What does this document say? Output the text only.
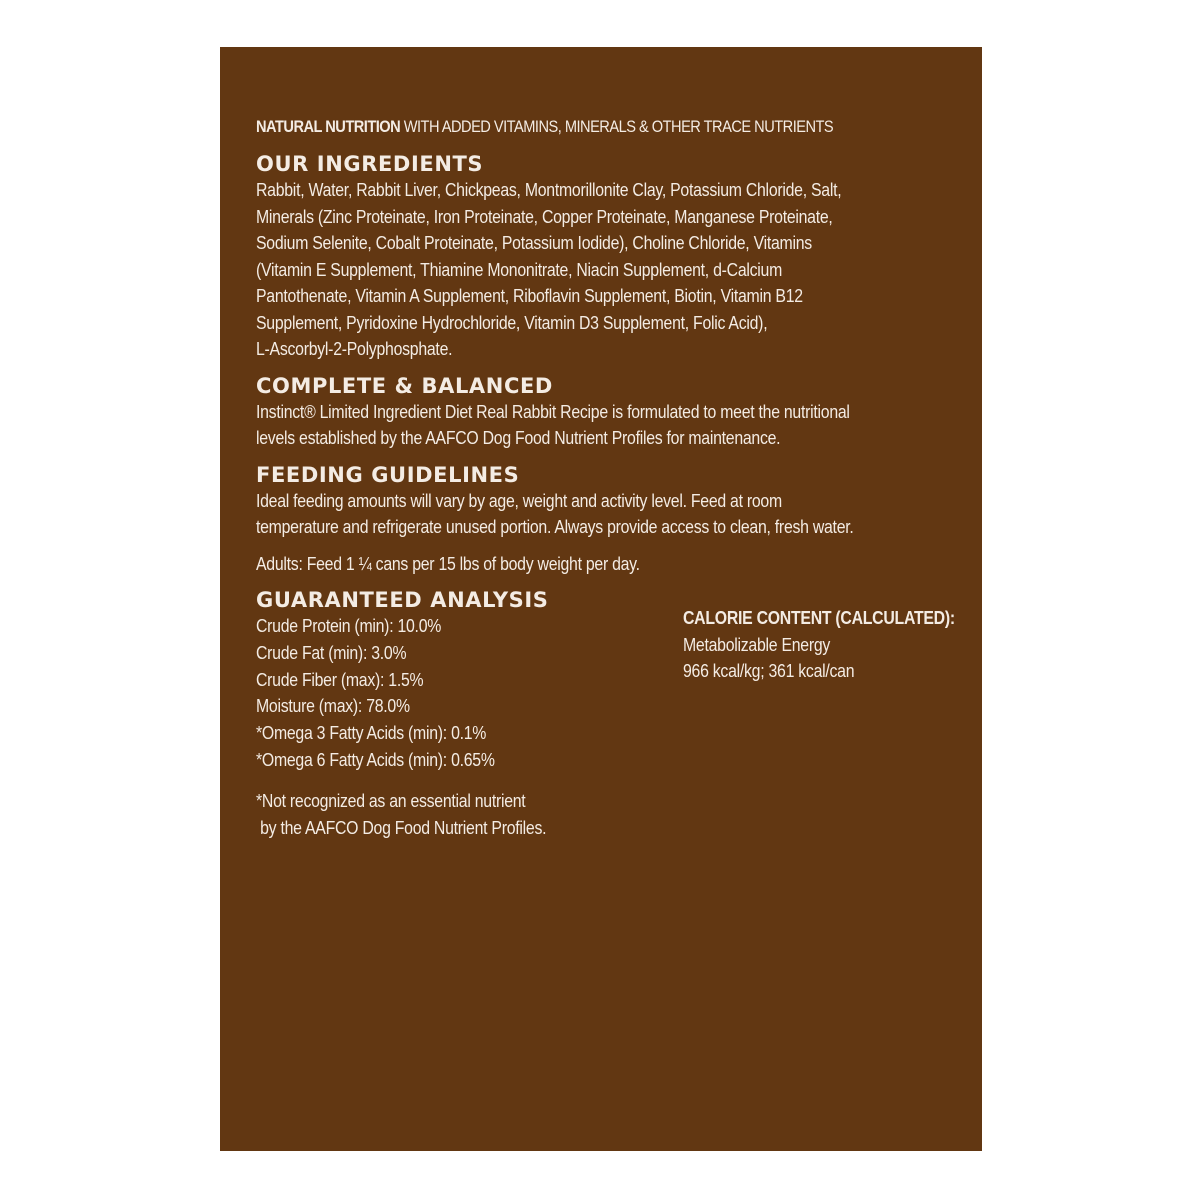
NATURAL NUTRITION WITH ADDED VITAMINS, MINERALS & OTHER TRACE NUTRIENTS
OUR INGREDIENTS
Rabbit, Water, Rabbit Liver, Chickpeas, Montmorillonite Clay, Potassium Chloride, Salt,
Minerals (Zinc Proteinate, Iron Proteinate, Copper Proteinate, Manganese Proteinate,
Sodium Selenite, Cobalt Proteinate, Potassium Iodide), Choline Chloride, Vitamins
(Vitamin E Supplement, Thiamine Mononitrate, Niacin Supplement, d-Calcium
Pantothenate, Vitamin A Supplement, Riboflavin Supplement, Biotin, Vitamin B12
Supplement, Pyridoxine Hydrochloride, Vitamin D3 Supplement, Folic Acid),
L-Ascorbyl-2-Polyphosphate.
COMPLETE & BALANCED
Instinct® Limited Ingredient Diet Real Rabbit Recipe is formulated to meet the nutritional
levels established by the AAFCO Dog Food Nutrient Profiles for maintenance.
FEEDING GUIDELINES
Ideal feeding amounts will vary by age, weight and activity level. Feed at room
temperature and refrigerate unused portion. Always provide access to clean, fresh water.
Adults: Feed 1 ¼ cans per 15 lbs of body weight per day.
GUARANTEED ANALYSIS
Crude Protein (min): 10.0%
Crude Fat (min): 3.0%
Crude Fiber (max): 1.5%
Moisture (max): 78.0%
*Omega 3 Fatty Acids (min): 0.1%
*Omega 6 Fatty Acids (min): 0.65%
CALORIE CONTENT (CALCULATED):
Metabolizable Energy
966 kcal/kg; 361 kcal/can
*Not recognized as an essential nutrient
by the AAFCO Dog Food Nutrient Profiles.
